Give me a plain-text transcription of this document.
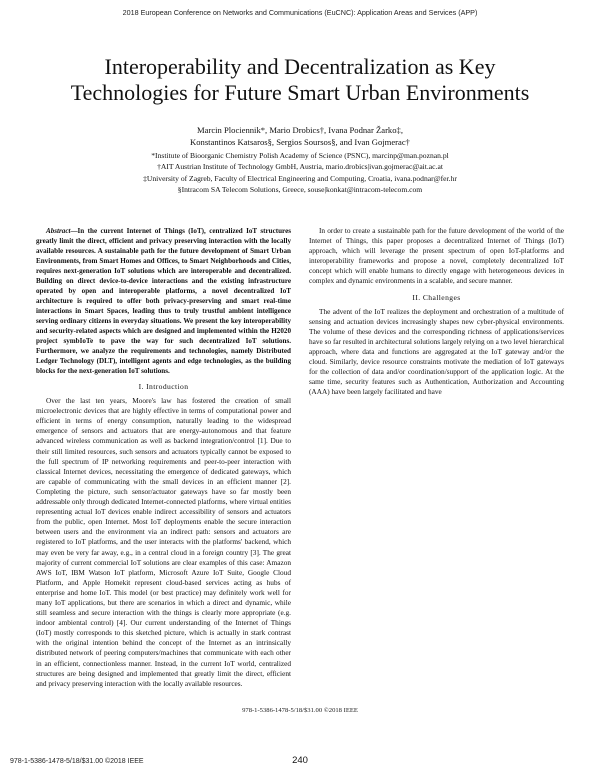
2018 European Conference on Networks and Communications (EuCNC): Application Areas and Services (APP)
Interoperability and Decentralization as Key
Technologies for Future Smart Urban Environments
Marcin Plociennik*, Mario Drobics†, Ivana Podnar Žarko‡,
Konstantinos Katsaros§, Sergios Soursos§, and Ivan Gojmerac†
*Institute of Bioorganic Chemistry Polish Academy of Science (PSNC), marcinp@man.poznan.pl
†AIT Austrian Institute of Technology GmbH, Austria, mario.drobics|ivan.gojmerac@ait.ac.at
‡University of Zagreb, Faculty of Electrical Engineering and Computing, Croatia, ivana.podnar@fer.hr
§Intracom SA Telecom Solutions, Greece, souse|konkat@intracom-telecom.com

Abstract—In the current Internet of Things (IoT), centralized IoT structures greatly limit the direct, efficient and privacy preserving interaction with the locally available resources. A sustainable path for the future development of Smart Urban Environments, from Smart Homes and Offices, to Smart Neighborhoods and Cities, requires next-generation IoT solutions which are interoperable and decentralized. Building on direct device-to-device interactions and the existing infrastructure operated by open and interoperable platforms, a novel decentralized IoT architecture is required to offer both privacy-preserving and smart real-time interactions in Smart Spaces, leading thus to truly trustful ambient intelligence serving ordinary citizens in everyday situations. We present the key interoperability and security-related aspects which are designed and implemented within the H2020 project symbIoTe to pave the way for such decentralized IoT solutions. Furthermore, we analyze the requirements and technologies, namely Distributed Ledger Technology (DLT), intelligent agents and edge technologies, as the building blocks for the next-generation IoT solutions.

I. Introduction

Over the last ten years, Moore's law has fostered the creation of small microelectronic devices that are highly effective in terms of computational power and efficient in terms of energy consumption, naturally leading to the widespread emergence of sensors and actuators that are energy-autonomous and that feature advanced wireless communication as well as backend integration/control [1]. Due to their still limited resources, such sensors and actuators typically cannot be exposed to the full spectrum of IP networking requirements and peer-to-peer interaction with classical Internet devices, necessitating the emergence of dedicated gateways, which are capable of communicating with the small devices in an efficient manner [2]. Completing the picture, such sensor/actuator gateways have so far mostly been addressable only through dedicated Internet-connected platforms, where virtual entities representing actual IoT devices enable indirect accessibility of sensors and actuators from the public, open Internet. Most IoT deployments enable the secure interaction between users and the environment via an indirect path: sensors and actuators are registered to IoT platforms, and the user interacts with the platforms' backend, which may even be very far away, e.g., in a central cloud in a foreign country [3]. The great majority of current commercial IoT solutions are clear examples of this case: Amazon AWS IoT, IBM Watson IoT platform, Microsoft Azure IoT Suite, Google Cloud Platform, and Apple Homekit represent cloud-based services acting as hubs of enterprise and home IoT. This model (or best practice) may definitely work well for many IoT applications, but there are scenarios in which a direct and dynamic, while still seamless and secure interaction with the things is clearly more appropriate (e.g. indoor ambiental control) [4]. Our current understanding of the Internet of Things (IoT) mostly corresponds to this sketched picture, which is actually in stark contrast with the original intention behind the concept of the Internet as an intrinsically distributed network of peering computers/machines that communicate with each other in an efficient, connectionless manner. Instead, in the current IoT world, centralized structures are being designed and implemented that greatly limit the direct, efficient and privacy preserving interaction with the locally available resources.

In order to create a sustainable path for the future development of the world of the Internet of Things, this paper proposes a decentralized Internet of Things (IoT) approach, which will leverage the present spectrum of open IoT-platforms and interoperability frameworks and propose a novel, completely decentralized IoT concept which will enable humans to directly engage with heterogeneous devices in complex and dynamic environments in a scalable, and secure manner.

II. Challenges

The advent of the IoT realizes the deployment and orchestration of a multitude of sensing and actuation devices increasingly shapes new cyber-physical environments. The volume of these devices and the corresponding richness of applications/services have so far resulted in architectural solutions largely relying on a two level hierarchical approach, where data and functions are aggregated at the IoT gateway and/or the cloud. Similarly, device resource constraints motivate the mediation of IoT gateways for the collection of data and/or coordination/support of the application logic. At the same time, security features such as Authentication, Authorization and Accounting (AAA) have been largely facilitated and have

978-1-5386-1478-5/18/$31.00 ©2018 IEEE
978-1-5386-1478-5/18/$31.00 ©2018 IEEE	240
